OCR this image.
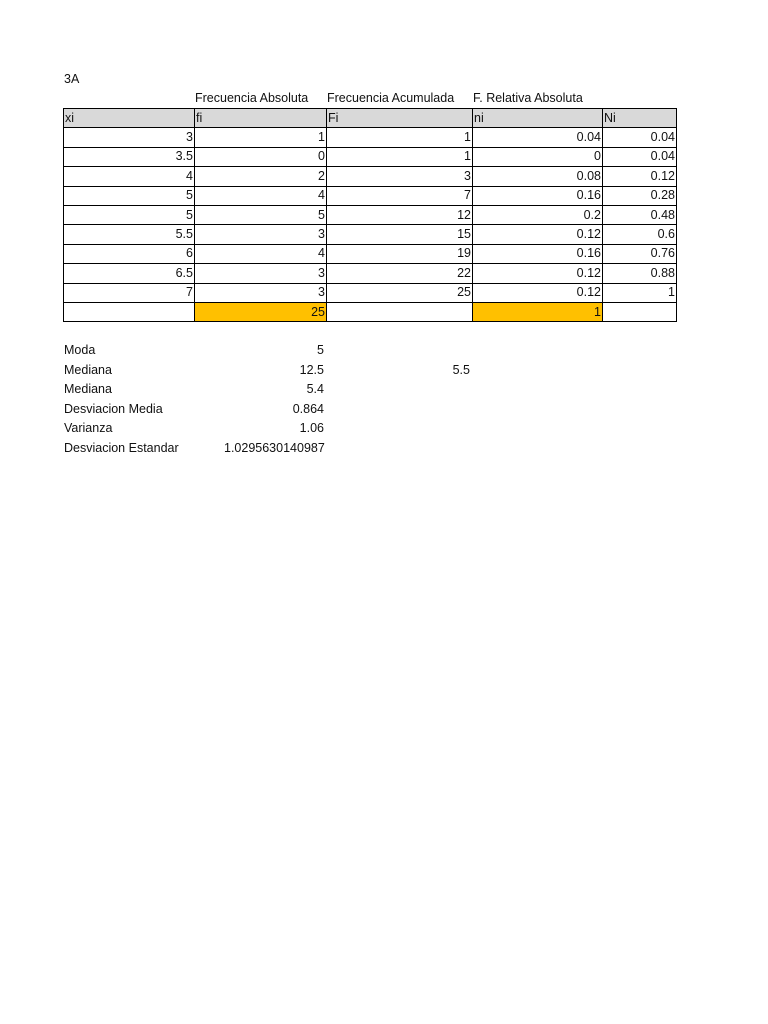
3A
Frecuencia Absoluta Frecuencia Acumulada F. Relativa Absoluta
xi	fi	Fi	ni	Ni
3	1	1	0.04	0.04
3.5	0	1	0	0.04
4	2	3	0.08	0.12
5	4	7	0.16	0.28
5	5	12	0.2	0.48
5.5	3	15	0.12	0.6
6	4	19	0.16	0.76
6.5	3	22	0.12	0.88
7	3	25	0.12	1
	25		1	
Moda	5
Mediana	12.5	5.5
Mediana	5.4
Desviacion Media	0.864
Varianza	1.06
Desviacion Estandar	1.0295630140987
